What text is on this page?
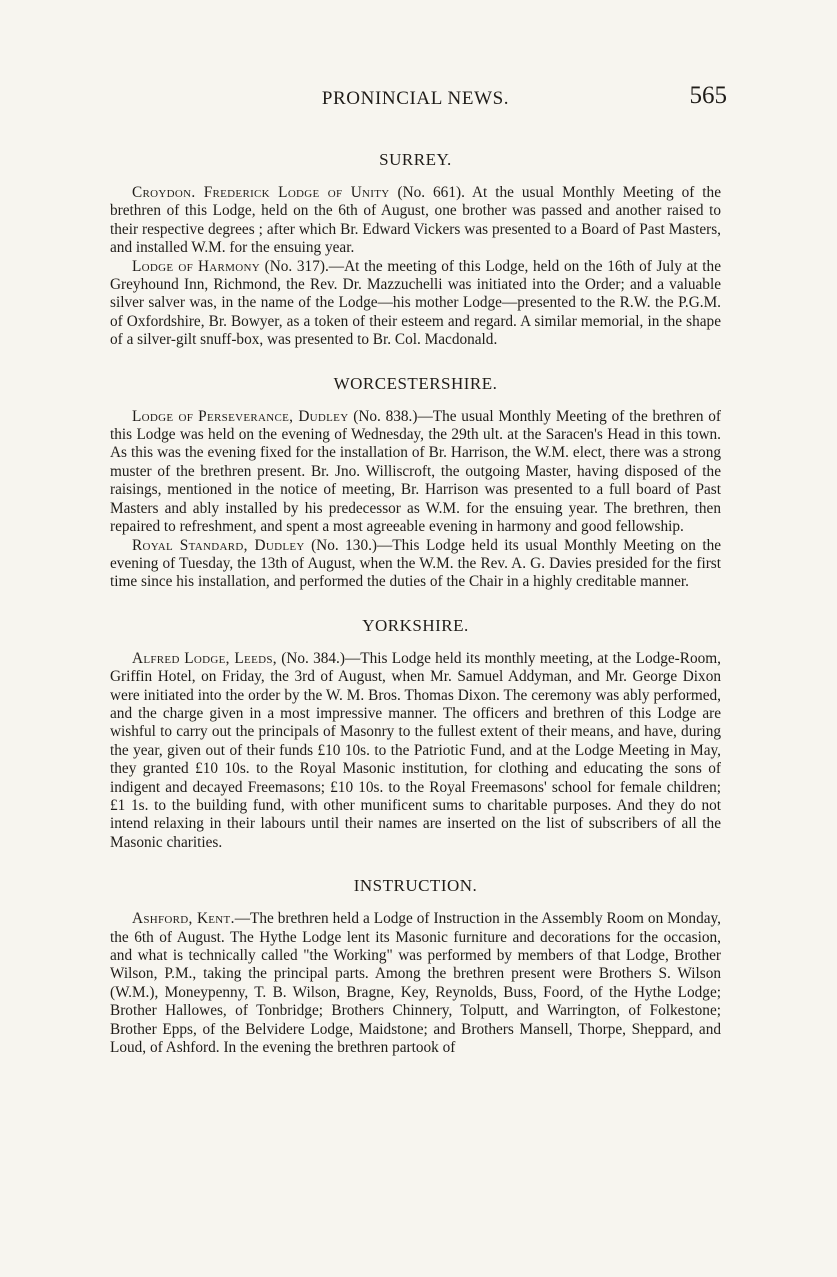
PRONINCIAL NEWS.	565
SURREY.

Croydon. Frederick Lodge of Unity (No. 661). At the usual Monthly Meeting of the brethren of this Lodge, held on the 6th of August, one brother was passed and another raised to their respective degrees ; after which Br. Edward Vickers was presented to a Board of Past Masters, and installed W.M. for the ensuing year.

Lodge of Harmony (No. 317).—At the meeting of this Lodge, held on the 16th of July at the Greyhound Inn, Richmond, the Rev. Dr. Mazzuchelli was initiated into the Order; and a valuable silver salver was, in the name of the Lodge—his mother Lodge—presented to the R.W. the P.G.M. of Oxfordshire, Br. Bowyer, as a token of their esteem and regard. A similar memorial, in the shape of a silver-gilt snuff-box, was presented to Br. Col. Macdonald.

WORCESTERSHIRE.

Lodge of Perseverance, Dudley (No. 838.)—The usual Monthly Meeting of the brethren of this Lodge was held on the evening of Wednesday, the 29th ult. at the Saracen's Head in this town. As this was the evening fixed for the installation of Br. Harrison, the W.M. elect, there was a strong muster of the brethren present. Br. Jno. Williscroft, the outgoing Master, having disposed of the raisings, mentioned in the notice of meeting, Br. Harrison was presented to a full board of Past Masters and ably installed by his predecessor as W.M. for the ensuing year. The brethren, then repaired to refreshment, and spent a most agreeable evening in harmony and good fellowship.

Royal Standard, Dudley (No. 130.)—This Lodge held its usual Monthly Meeting on the evening of Tuesday, the 13th of August, when the W.M. the Rev. A. G. Davies presided for the first time since his installation, and performed the duties of the Chair in a highly creditable manner.

YORKSHIRE.

Alfred Lodge, Leeds, (No. 384.)—This Lodge held its monthly meeting, at the Lodge-Room, Griffin Hotel, on Friday, the 3rd of August, when Mr. Samuel Addyman, and Mr. George Dixon were initiated into the order by the W. M. Bros. Thomas Dixon. The ceremony was ably performed, and the charge given in a most impressive manner. The officers and brethren of this Lodge are wishful to carry out the principals of Masonry to the fullest extent of their means, and have, during the year, given out of their funds £10 10s. to the Patriotic Fund, and at the Lodge Meeting in May, they granted £10 10s. to the Royal Masonic institution, for clothing and educating the sons of indigent and decayed Freemasons; £10 10s. to the Royal Freemasons' school for female children; £1 1s. to the building fund, with other munificent sums to charitable purposes. And they do not intend relaxing in their labours until their names are inserted on the list of subscribers of all the Masonic charities.

INSTRUCTION.

Ashford, Kent.—The brethren held a Lodge of Instruction in the Assembly Room on Monday, the 6th of August. The Hythe Lodge lent its Masonic furniture and decorations for the occasion, and what is technically called "the Working" was performed by members of that Lodge, Brother Wilson, P.M., taking the principal parts. Among the brethren present were Brothers S. Wilson (W.M.), Moneypenny, T. B. Wilson, Bragne, Key, Reynolds, Buss, Foord, of the Hythe Lodge; Brother Hallowes, of Tonbridge; Brothers Chinnery, Tolputt, and Warrington, of Folkestone; Brother Epps, of the Belvidere Lodge, Maidstone; and Brothers Mansell, Thorpe, Sheppard, and Loud, of Ashford. In the evening the brethren partook of
